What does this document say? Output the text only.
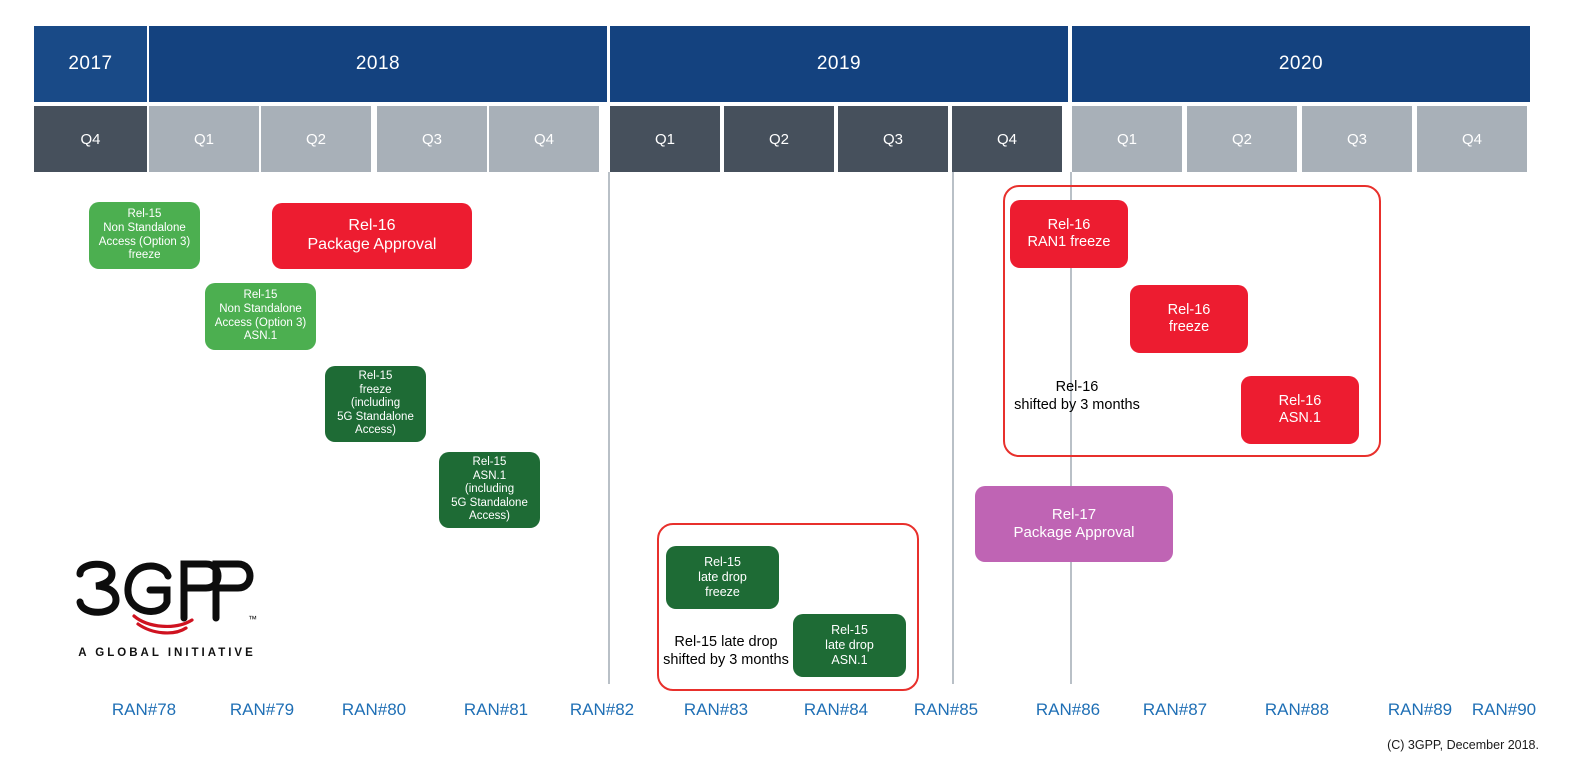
2017	2018	2019	2020
Q4	Q1	Q2	Q3	Q4	Q1	Q2	Q3	Q4	Q1	Q2	Q3	Q4
Rel-16
shifted by 3 months
Rel-15 late drop
shifted by 3 months
Rel-15
Non Standalone
Access (Option 3)
freeze
Rel-15
Non Standalone
Access (Option 3)
ASN.1
Rel-15
freeze
(including
5G Standalone
Access)
Rel-15
ASN.1
(including
5G Standalone
Access)
Rel-16
Package Approval
Rel-15
late drop
freeze
Rel-15
late drop
ASN.1
Rel-16
RAN1 freeze
Rel-16
freeze
Rel-16
ASN.1
Rel-17
Package Approval
RAN#78	RAN#79	RAN#80	RAN#81	RAN#82	RAN#83	RAN#84	RAN#85	RAN#86	RAN#87	RAN#88	RAN#89	RAN#90
™
A GLOBAL INITIATIVE
(C) 3GPP, December 2018.
